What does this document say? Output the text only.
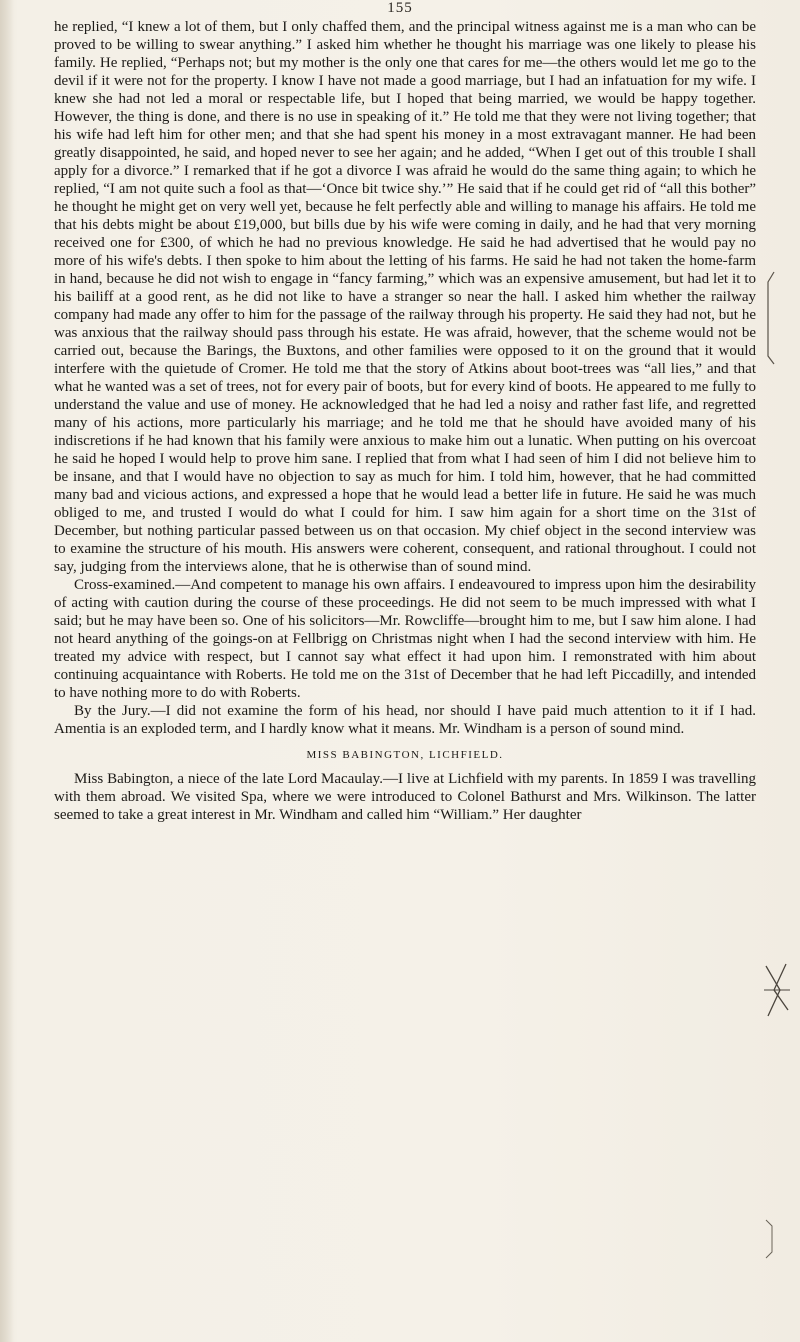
155

he replied, “I knew a lot of them, but I only chaffed them, and the principal witness against me is a man who can be proved to be willing to swear anything.” I asked him whether he thought his marriage was one likely to please his family. He replied, “Perhaps not; but my mother is the only one that cares for me—the others would let me go to the devil if it were not for the property. I know I have not made a good marriage, but I had an infatuation for my wife. I knew she had not led a moral or respectable life, but I hoped that being married, we would be happy together. However, the thing is done, and there is no use in speaking of it.” He told me that they were not living together; that his wife had left him for other men; and that she had spent his money in a most extravagant manner. He had been greatly disappointed, he said, and hoped never to see her again; and he added, “When I get out of this trouble I shall apply for a divorce.” I remarked that if he got a divorce I was afraid he would do the same thing again; to which he replied, “I am not quite such a fool as that—‘Once bit twice shy.’” He said that if he could get rid of “all this bother” he thought he might get on very well yet, because he felt perfectly able and willing to manage his affairs. He told me that his debts might be about £19,000, but bills due by his wife were coming in daily, and he had that very morning received one for £300, of which he had no previous knowledge. He said he had advertised that he would pay no more of his wife's debts. I then spoke to him about the letting of his farms. He said he had not taken the home-farm in hand, because he did not wish to engage in “fancy farming,” which was an expensive amusement, but had let it to his bailiff at a good rent, as he did not like to have a stranger so near the hall. I asked him whether the railway company had made any offer to him for the passage of the railway through his property. He said they had not, but he was anxious that the railway should pass through his estate. He was afraid, however, that the scheme would not be carried out, because the Barings, the Buxtons, and other families were opposed to it on the ground that it would interfere with the quietude of Cromer. He told me that the story of Atkins about boot-trees was “all lies,” and that what he wanted was a set of trees, not for every pair of boots, but for every kind of boots. He appeared to me fully to understand the value and use of money. He acknowledged that he had led a noisy and rather fast life, and regretted many of his actions, more particularly his marriage; and he told me that he should have avoided many of his indiscretions if he had known that his family were anxious to make him out a lunatic. When putting on his overcoat he said he hoped I would help to prove him sane. I replied that from what I had seen of him I did not believe him to be insane, and that I would have no objection to say as much for him. I told him, however, that he had committed many bad and vicious actions, and expressed a hope that he would lead a better life in future. He said he was much obliged to me, and trusted I would do what I could for him. I saw him again for a short time on the 31st of December, but nothing particular passed between us on that occasion. My chief object in the second interview was to examine the structure of his mouth. His answers were coherent, consequent, and rational throughout. I could not say, judging from the interviews alone, that he is otherwise than of sound mind.

Cross-examined.—And competent to manage his own affairs. I endeavoured to impress upon him the desirability of acting with caution during the course of these proceedings. He did not seem to be much impressed with what I said; but he may have been so. One of his solicitors—Mr. Rowcliffe—brought him to me, but I saw him alone. I had not heard anything of the goings-on at Fellbrigg on Christmas night when I had the second interview with him. He treated my advice with respect, but I cannot say what effect it had upon him. I remonstrated with him about continuing acquaintance with Roberts. He told me on the 31st of December that he had left Piccadilly, and intended to have nothing more to do with Roberts.

By the Jury.—I did not examine the form of his head, nor should I have paid much attention to it if I had. Amentia is an exploded term, and I hardly know what it means. Mr. Windham is a person of sound mind.

MISS BABINGTON, LICHFIELD.

Miss Babington, a niece of the late Lord Macaulay.—I live at Lichfield with my parents. In 1859 I was travelling with them abroad. We visited Spa, where we were introduced to Colonel Bathurst and Mrs. Wilkinson. The latter seemed to take a great interest in Mr. Windham and called him “William.” Her daughter
